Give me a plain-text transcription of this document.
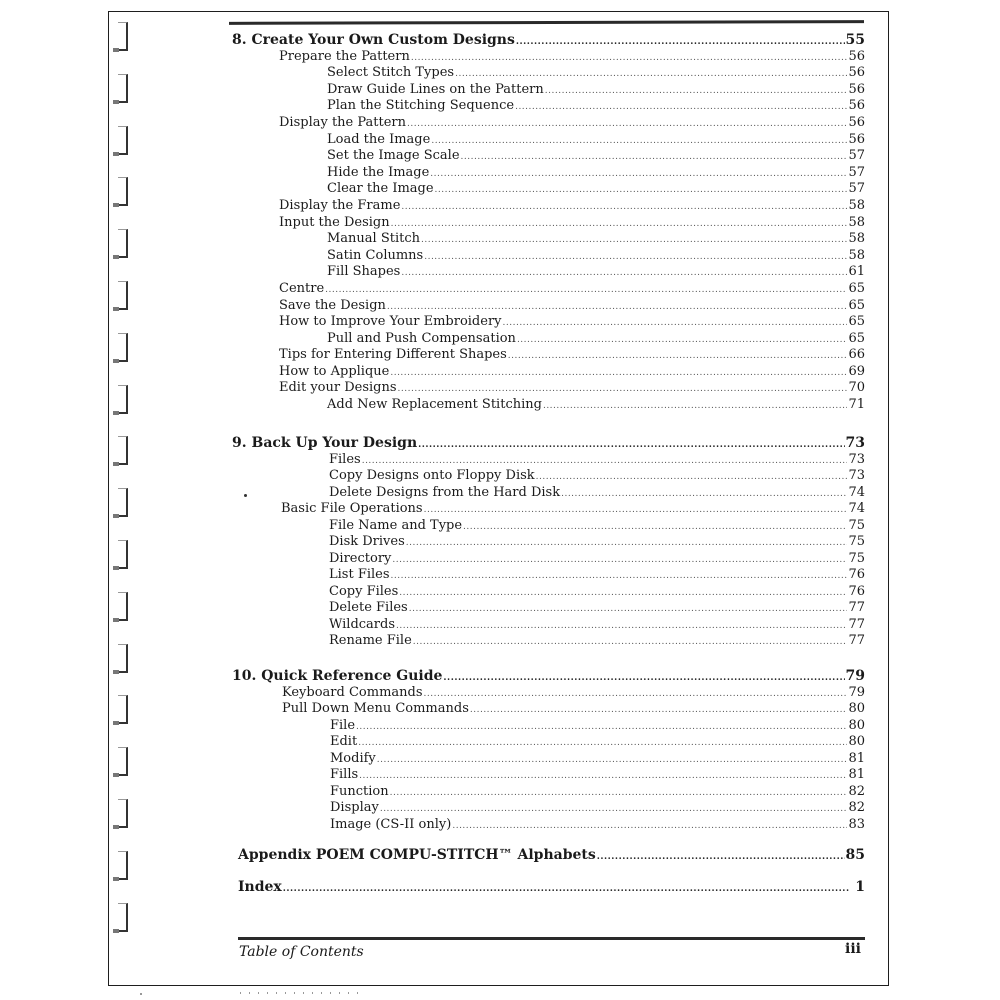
8. Create Your Own Custom Designs .....	55
Prepare the Pattern .....	56
Select Stitch Types .....	56
Draw Guide Lines on the Pattern .....	56
Plan the Stitching Sequence .....	56
Display the Pattern .....	56
Load the Image .....	56
Set the Image Scale .....	57
Hide the Image .....	57
Clear the Image .....	57
Display the Frame .....	58
Input the Design .....	58
Manual Stitch .....	58
Satin Columns .....	58
Fill Shapes .....	61
Centre .....	65
Save the Design .....	65
How to Improve Your Embroidery .....	65
Pull and Push Compensation .....	65
Tips for Entering Different Shapes .....	66
How to Applique .....	69
Edit your Designs .....	70
Add New Replacement Stitching .....	71
9. Back Up Your Design .....	73
Files .....	73
Copy Designs onto Floppy Disk .....	73
Delete Designs from the Hard Disk .....	74
Basic File Operations .....	74
File Name and Type .....	75
Disk Drives .....	75
Directory .....	75
List Files .....	76
Copy Files .....	76
Delete Files .....	77
Wildcards .....	77
Rename File .....	77
10. Quick Reference Guide .....	79
Keyboard Commands .....	79
Pull Down Menu Commands .....	80
File .....	80
Edit .....	80
Modify .....	81
Fills .....	81
Function .....	82
Display .....	82
Image (CS-II only) .....	83
Appendix POEM COMPU-STITCH™ Alphabets .....	85
Index .....	1
Table of Contents	iii
